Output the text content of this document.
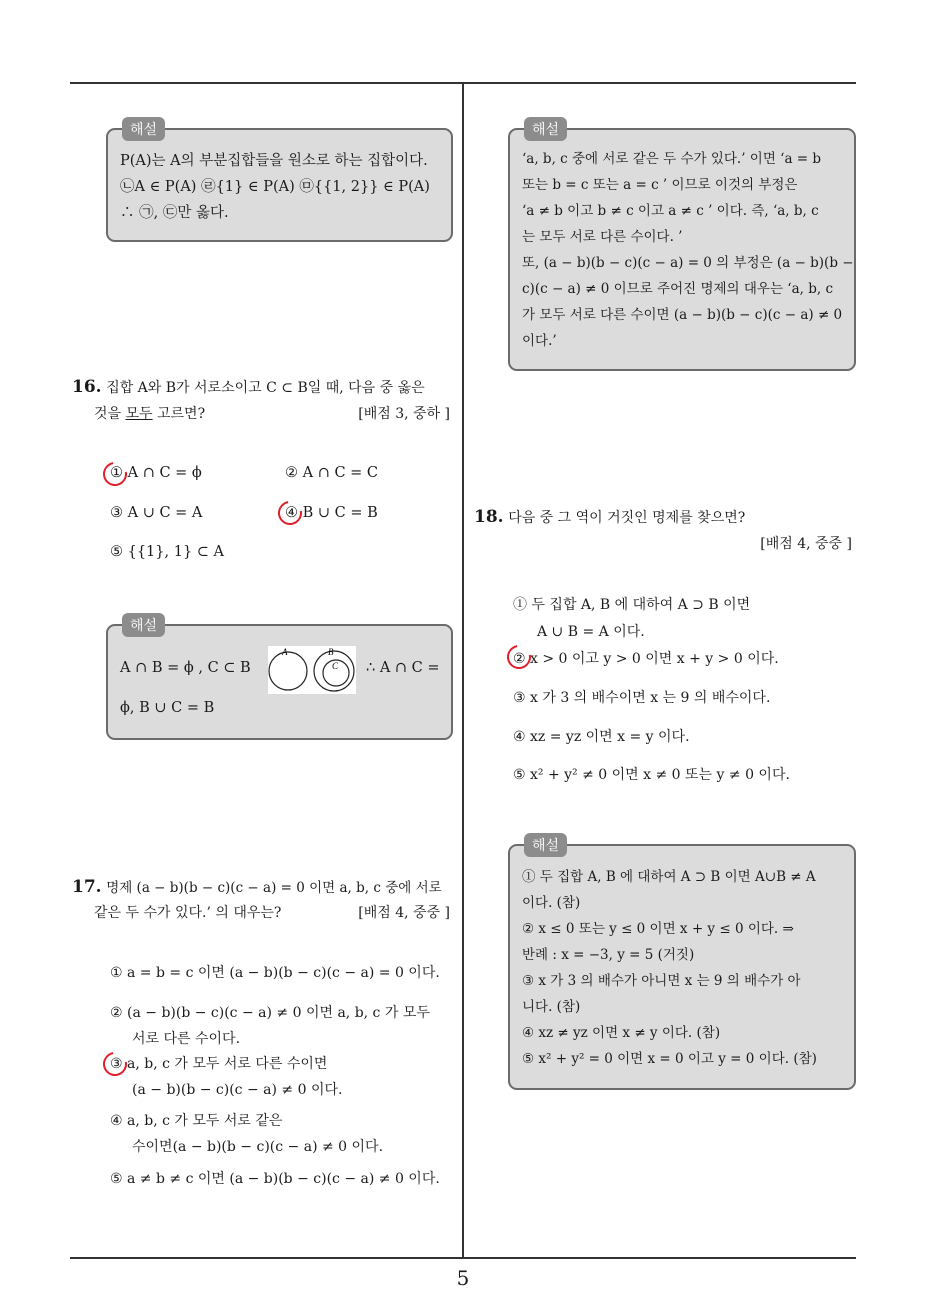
해설
P(A)는 A의 부분집합들을 원소로 하는 집합이다.
㉡A ∈ P(A) ㉣{1} ∈ P(A) ㉤{{1, 2}} ∈ P(A)
∴ ㉠, ㉢만 옳다.
16. 집합 A와 B가 서로소이고 C ⊂ B일 때, 다음 중 옳은
것을 모두 고르면?	[배점 3, 중하 ]
① A ∩ C = ϕ	② A ∩ C = C
③ A ∪ C = A	④ B ∪ C = B
⑤ {{1}, 1} ⊂ A
해설
A ∩ B = ϕ , C ⊂ B	∴ A ∩ C =
ϕ, B ∪ C = B
A	B
C
17. 명제 (a − b)(b − c)(c − a) = 0 이면 a, b, c 중에 서로
같은 두 수가 있다.’ 의 대우는?	[배점 4, 중중 ]
① a = b = c 이면 (a − b)(b − c)(c − a) = 0 이다.
② (a − b)(b − c)(c − a) ≠ 0 이면 a, b, c 가 모두
서로 다른 수이다.
③ a, b, c 가 모두 서로 다른 수이면
(a − b)(b − c)(c − a) ≠ 0 이다.
④ a, b, c 가 모두 서로 같은
수이면(a − b)(b − c)(c − a) ≠ 0 이다.
⑤ a ≠ b ≠ c 이면 (a − b)(b − c)(c − a) ≠ 0 이다.
해설
‘a, b, c 중에 서로 같은 두 수가 있다.’ 이면 ‘a = b
또는 b = c 또는 a = c ’ 이므로 이것의 부정은
‘a ≠ b 이고 b ≠ c 이고 a ≠ c ’ 이다. 즉, ‘a, b, c
는 모두 서로 다른 수이다. ’
또, (a − b)(b − c)(c − a) = 0 의 부정은 (a − b)(b −
c)(c − a) ≠ 0 이므로 주어진 명제의 대우는 ‘a, b, c
가 모두 서로 다른 수이면 (a − b)(b − c)(c − a) ≠ 0
이다.’
18. 다음 중 그 역이 거짓인 명제를 찾으면?
[배점 4, 중중 ]
① 두 집합 A, B 에 대하여 A ⊃ B 이면
A ∪ B = A 이다.
② x > 0 이고 y > 0 이면 x + y > 0 이다.
③ x 가 3 의 배수이면 x 는 9 의 배수이다.
④ xz = yz 이면 x = y 이다.
⑤ x² + y² ≠ 0 이면 x ≠ 0 또는 y ≠ 0 이다.
해설
① 두 집합 A, B 에 대하여 A ⊃ B 이면 A∪B ≠ A
이다. (참)
② x ≤ 0 또는 y ≤ 0 이면 x + y ≤ 0 이다. ⇒
반례 : x = −3, y = 5 (거짓)
③ x 가 3 의 배수가 아니면 x 는 9 의 배수가 아
니다. (참)
④ xz ≠ yz 이면 x ≠ y 이다. (참)
⑤ x² + y² = 0 이면 x = 0 이고 y = 0 이다. (참)
5
